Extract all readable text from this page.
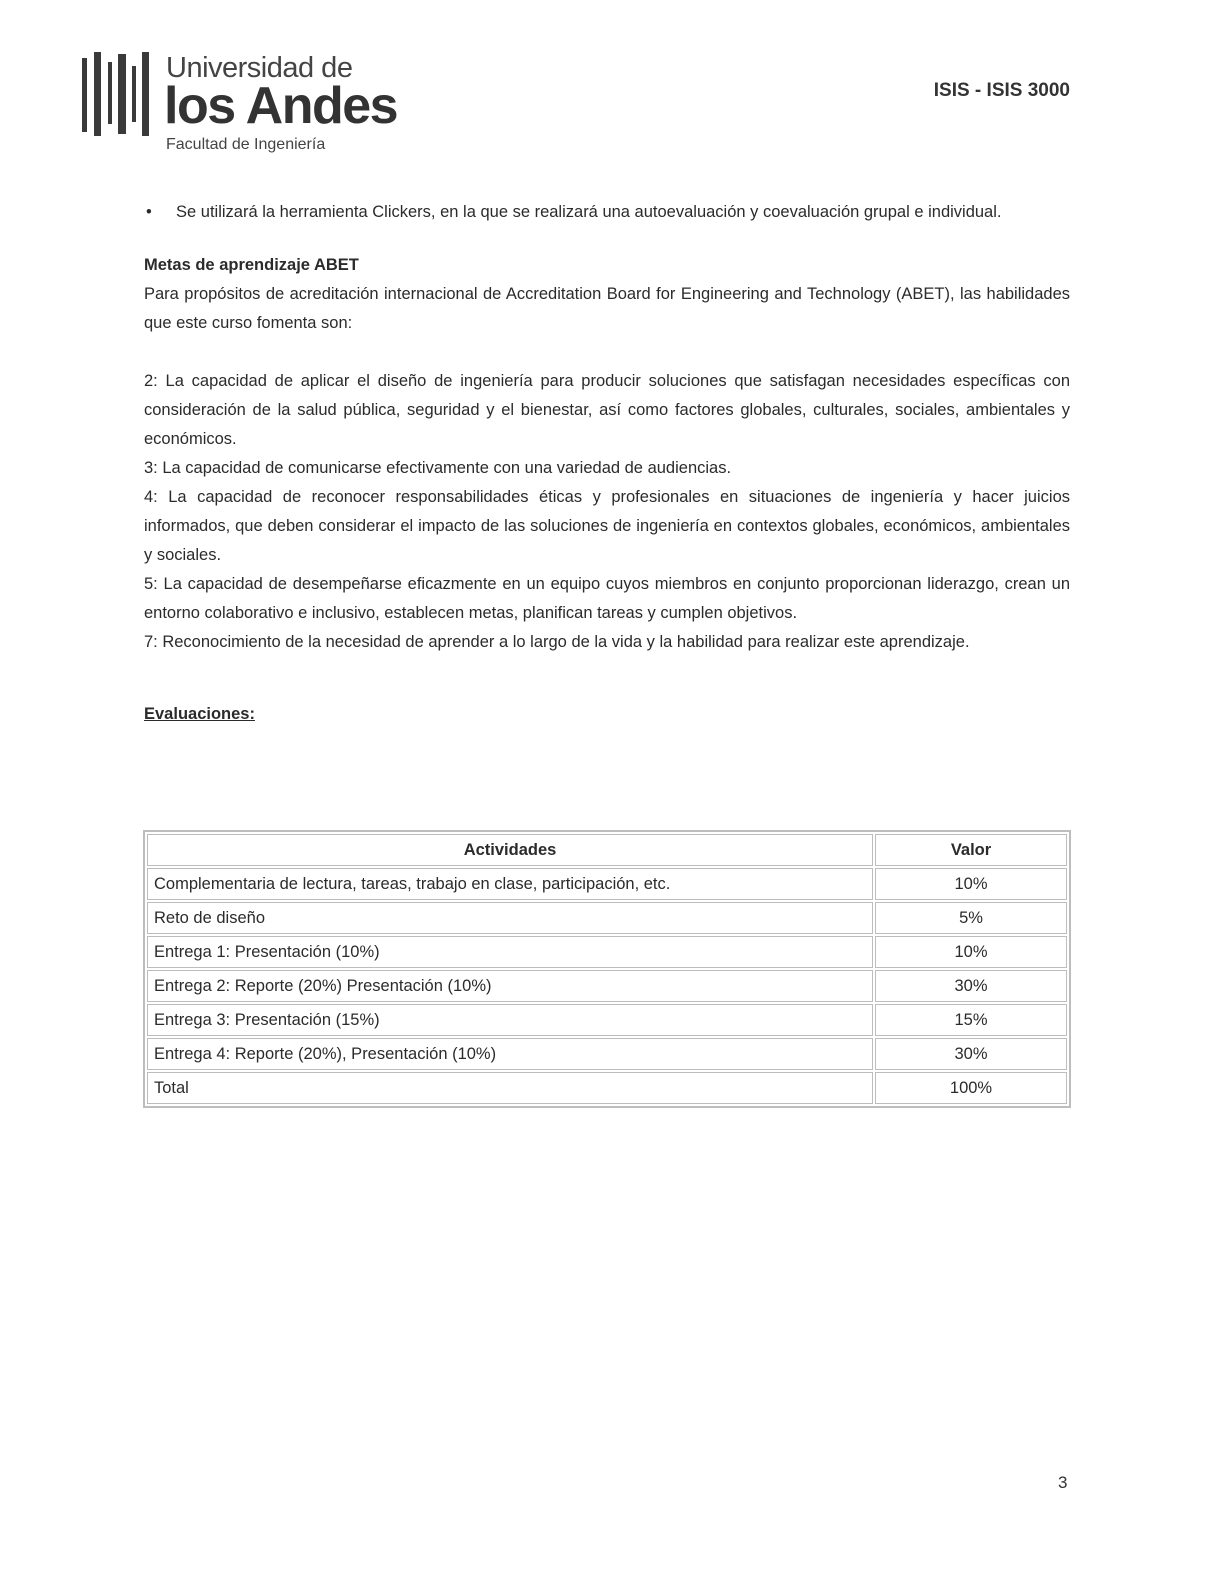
Universidad de
los Andes
Facultad de Ingeniería
ISIS - ISIS 3000
• Se utilizará la herramienta Clickers, en la que se realizará una autoevaluación y coevaluación grupal e individual.

Metas de aprendizaje ABET

Para propósitos de acreditación internacional de Accreditation Board for Engineering and Technology (ABET), las habilidades que este curso fomenta son:

2: La capacidad de aplicar el diseño de ingeniería para producir soluciones que satisfagan necesidades específicas con consideración de la salud pública, seguridad y el bienestar, así como factores globales, culturales, sociales, ambientales y económicos.

3: La capacidad de comunicarse efectivamente con una variedad de audiencias.

4: La capacidad de reconocer responsabilidades éticas y profesionales en situaciones de ingeniería y hacer juicios informados, que deben considerar el impacto de las soluciones de ingeniería en contextos globales, económicos, ambientales y sociales.

5: La capacidad de desempeñarse eficazmente en un equipo cuyos miembros en conjunto proporcionan liderazgo, crean un entorno colaborativo e inclusivo, establecen metas, planifican tareas y cumplen objetivos.

7: Reconocimiento de la necesidad de aprender a lo largo de la vida y la habilidad para realizar este aprendizaje.

Evaluaciones:

Actividades	Valor
Complementaria de lectura, tareas, trabajo en clase, participación, etc.	10%
Reto de diseño	5%
Entrega 1: Presentación (10%)	10%
Entrega 2: Reporte (20%) Presentación (10%)	30%
Entrega 3: Presentación (15%)	15%
Entrega 4: Reporte (20%), Presentación (10%)	30%
Total	100%
3
